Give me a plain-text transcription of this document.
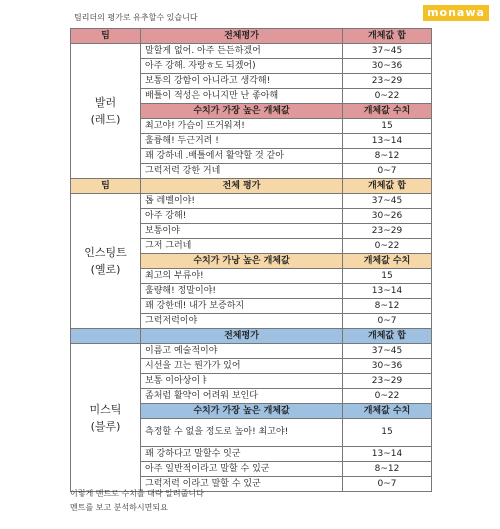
팀리더의 평가로 유추할수 있습니다	monawa
팀	전체평가	개체값 합

발러
(레드)	말할게 없어. 아주 든든하겠어	37~45
	아주 강해. 자랑ㅎ도 되겠어)	30~36
	보통의 강함이 아니라고 생각해!	23~29
	배틀이 적성은 아니지만 난 좋아해	0~22
	수치가 가장 높은 개체값	개체값 수치
	최고야! 가슴이 뜨거워져!	15
	훌륭해! 두근거려 !	13~14
	꽤 강하네 .배틀에서 활약할 것 같아	8~12
	그럭저럭 강한 거네	0~7
팀	전체 평가	개체값 합

인스팅트
(옐로)	톱 레벨이야!	37~45
	아주 강해!	30~26
	보통이야	23~29
	그저 그러네	0~22
	수치가 가낭 높은 개체값	개체값 수치
	최고의 부류야!	15
	훌량해! 정말이야!	13~14
	꽤 강한데! 내가 보증하지	8~12
	그럭저럭이야	0~7
	전체평가	개체값 합

미스틱
(블루)	이름고 예술적이야	37~45
	시선을 끄는 뭔가가 있어	30~36
	보통 이아상이ㅑ	23~29
	좀처럼 활약이 어려워 보인다	0~22
	수치가 가장 높은 개체값	개체값 수치
	측정할 수 없을 정도로 높아! 최고야!	15
	꽤 강하다고 말할수 잇군	13~14
	아주 일반적이라고 말할 수 있군	8~12
	그럭저럭 이라고 말할 수 있군	0~7
이렇게 멘트로 수치를 대략 알려줍니다
멘트를 보고 분석하시면되요
